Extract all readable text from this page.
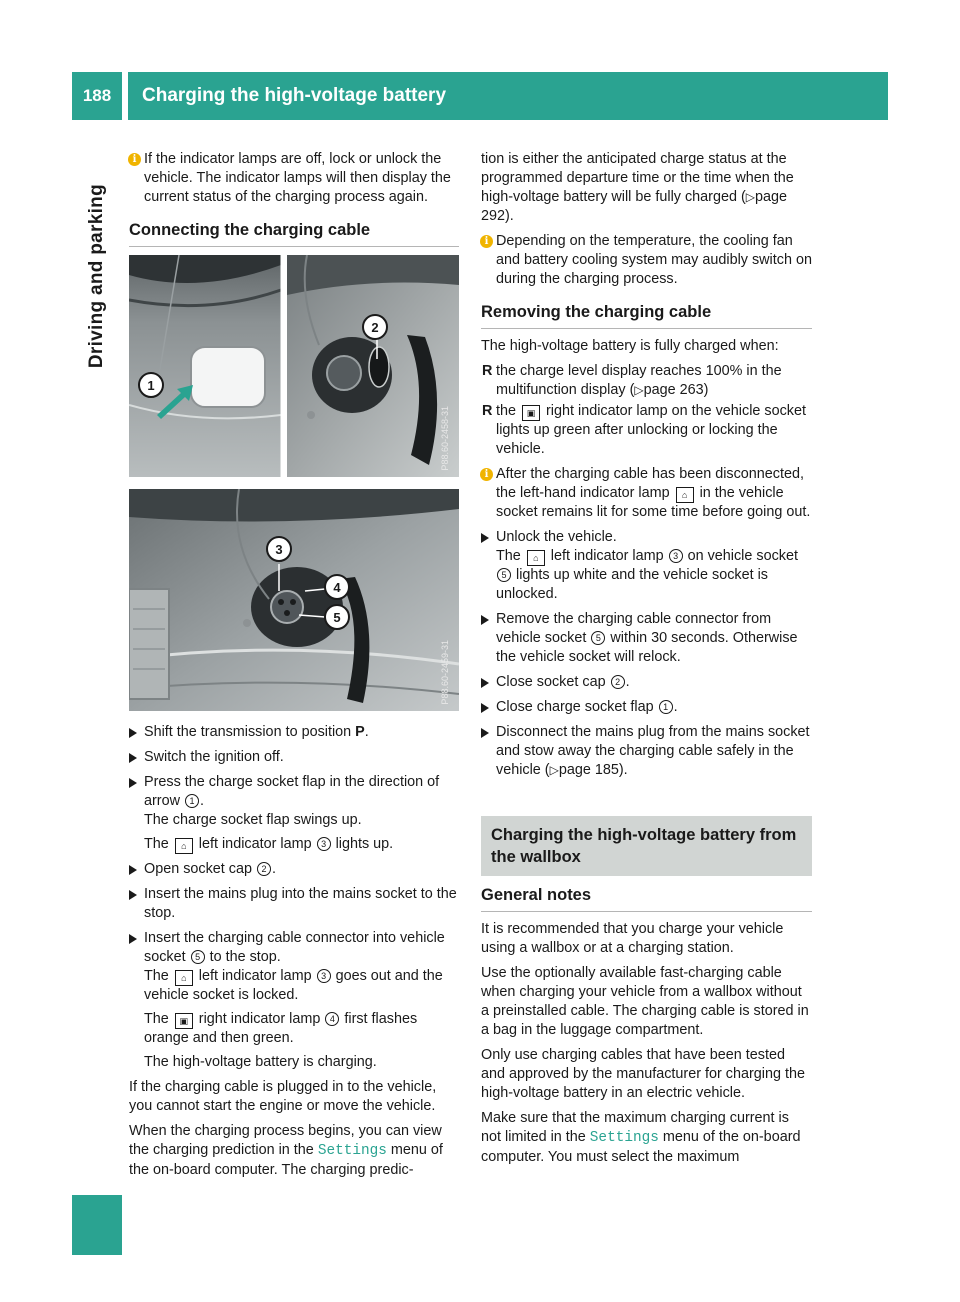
188	Charging the high-voltage battery
Driving and parking
i If the indicator lamps are off, lock or unlock the vehicle. The indicator lamps will then display the current status of the charging process again.
Connecting the charging cable
1
2
P88.60-2458-31
3
4
5
P88.60-2459-31
Shift the transmission to position P.
Switch the ignition off.

Press the charge socket flap in the direction of arrow 1 .
The charge socket flap swings up.

The ⌂ left indicator lamp 3 lights up.

Open socket cap 2 .
Insert the mains plug into the mains socket to the stop.

Insert the charging cable connector into vehicle socket 5 to the stop.
The ⌂ left indicator lamp 3 goes out and the vehicle socket is locked.

The ▣ right indicator lamp 4 first flashes orange and then green.

The high-voltage battery is charging.

If the charging cable is plugged in to the vehicle, you cannot start the engine or move the vehicle.

When the charging process begins, you can view the charging prediction in the Settings menu of the on-board computer. The charging predic-

tion is either the anticipated charge status at the programmed departure time or the time when the high-voltage battery will be fully charged (▷page 292).

i Depending on the temperature, the cooling fan and battery cooling system may audibly switch on during the charging process.
Removing the charging cable

The high-voltage battery is fully charged when:

R the charge level display reaches 100% in the multifunction display (▷page 263)
R the ▣ right indicator lamp on the vehicle socket lights up green after unlocking or locking the vehicle.
i After the charging cable has been disconnected, the left-hand indicator lamp ⌂ in the vehicle socket remains lit for some time before going out.
Unlock the vehicle.
The ⌂ left indicator lamp 3 on vehicle socket 5 lights up white and the vehicle socket is unlocked.
Remove the charging cable connector from vehicle socket 5 within 30 seconds. Otherwise the vehicle socket will relock.
Close socket cap 2 .
Close charge socket flap 1 .
Disconnect the mains plug from the mains socket and stow away the charging cable safely in the vehicle (▷page 185).
Charging the high-voltage battery from the wallbox
General notes

It is recommended that you charge your vehicle using a wallbox or at a charging station.

Use the optionally available fast-charging cable when charging your vehicle from a wallbox without a preinstalled cable. The charging cable is stored in a bag in the luggage compartment.

Only use charging cables that have been tested and approved by the manufacturer for charging the high-voltage battery in an electric vehicle.

Make sure that the maximum charging current is not limited in the Settings menu of the on-board computer. You must select the maximum
